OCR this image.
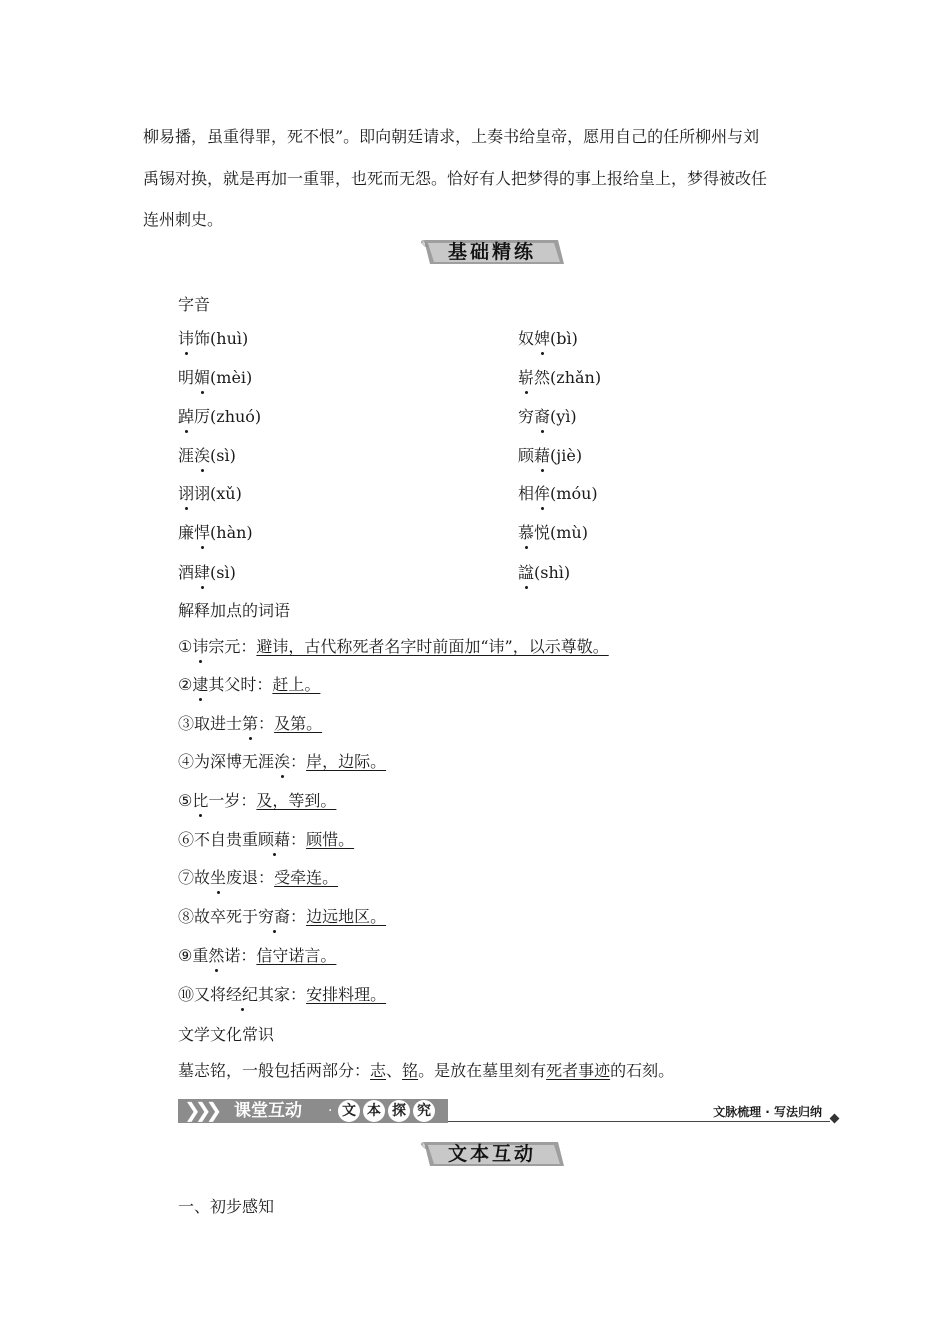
柳易播，虽重得罪，死不恨”。即向朝廷请求，上奏书给皇帝，愿用自己的任所柳州与刘
禹锡对换，就是再加一重罪，也死而无怨。恰好有人把梦得的事上报给皇上，梦得被改任
连州刺史。
✎ 基础精练
字音
讳饰(huì)
明媚(mèi)
踔厉(zhuó)
涯涘(sì)
诩诩(xǔ)
廉悍(hàn)
酒肆(sì)
奴婢(bì)
崭然(zhǎn)
穷裔(yì)
顾藉(jiè)
相侔(móu)
慕悦(mù)
諡(shì)
解释加点的词语
①讳宗元：避讳，古代称死者名字时前面加“讳”，以示尊敬。
②逮其父时：赶上。
③取进士第：及第。
④为深博无涯涘：岸，边际。
⑤比一岁：及，等到。
⑥不自贵重顾藉：顾惜。
⑦故坐废退：受牵连。
⑧故卒死于穷裔：边远地区。
⑨重然诺：信守诺言。
⑩又将经纪其家：安排料理。
文学文化常识
墓志铭，一般包括两部分：志、铭。是放在墓里刻有死者事迹的石刻。
❯❯❯ 课堂互动 · 文 本 探 究	文脉梳理 · 写法归纳
✎ 文本互动
一、初步感知
